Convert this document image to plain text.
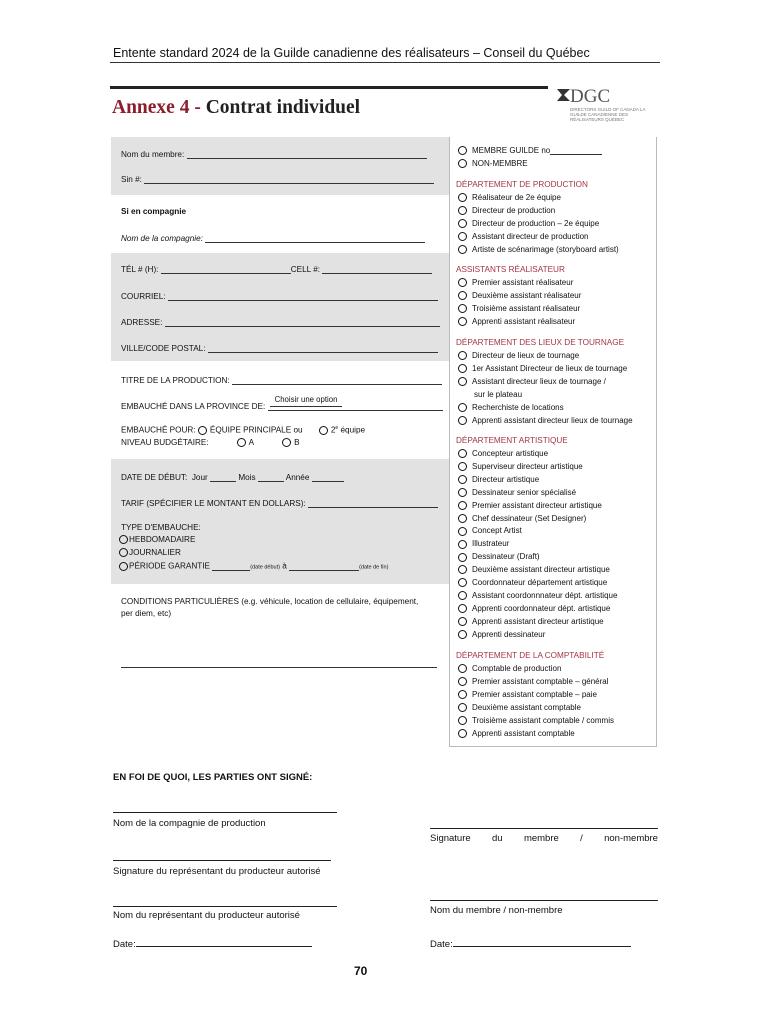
Entente standard 2024 de la Guilde canadienne des réalisateurs – Conseil du Québec
Annexe 4 - Contrat individuel
DGC
DIRECTORS GUILD OF CANADA LA GUILDE CANADIENNE DES RÉALISATEURS QUÉBEC
Nom du membre:
Sin #:
Si en compagnie
Nom de la compagnie:
TÉL # (H):	CELL #:
COURRIEL:
ADRESSE:
VILLE/CODE POSTAL:
TITRE DE LA PRODUCTION:
EMBAUCHÉ DANS LA PROVINCE DE:
Choisir une option
EMBAUCHÉ POUR: ÉQUIPE PRINCIPALE ou	2e équipe
NIVEAU BUDGÉTAIRE:	A	B
DATE DE DÉBUT: Jour	Mois	Année
TARIF (SPÉCIFIER LE MONTANT EN DOLLARS):
TYPE D'EMBAUCHE:
HEBDOMADAIRE
JOURNALIER
PÉRIODE GARANTIE	(date début) à	(date de fin)
CONDITIONS PARTICULIÈRES (e.g. véhicule, location de cellulaire, équipement,
per diem, etc)
MEMBRE GUILDE no
NON-MEMBRE
DÉPARTEMENT DE PRODUCTION
Réalisateur de 2e équipe
Directeur de production
Directeur de production – 2e équipe
Assistant directeur de production
Artiste de scénarimage (storyboard artist)
ASSISTANTS RÉALISATEUR
Premier assistant réalisateur
Deuxième assistant réalisateur
Troisième assistant réalisateur
Apprenti assistant réalisateur
DÉPARTEMENT DES LIEUX DE TOURNAGE
Directeur de lieux de tournage
1er Assistant Directeur de lieux de tournage
Assistant directeur lieux de tournage /
sur le plateau
Recherchiste de locations
Apprenti assistant directeur lieux de tournage
DÉPARTEMENT ARTISTIQUE
Concepteur artistique
Superviseur directeur artistique
Directeur artistique
Dessinateur senior spécialisé
Premier assistant directeur artistique
Chef dessinateur (Set Designer)
Concept Artist
Illustrateur
Dessinateur (Draft)
Deuxième assistant directeur artistique
Coordonnateur département artistique
Assistant coordonnnateur dépt. artistique
Apprenti coordonnateur dépt. artistique
Apprenti assistant directeur artistique
Apprenti dessinateur
DÉPARTEMENT DE LA COMPTABILITÉ
Comptable de production
Premier assistant comptable – général
Premier assistant comptable – paie
Deuxième assistant comptable
Troisième assistant comptable / commis
Apprenti assistant comptable
EN FOI DE QUOI, LES PARTIES ONT SIGNÉ:
Nom de la compagnie de production
Signature du membre / non-membre
Signature du représentant du producteur autorisé
Nom du membre / non-membre
Nom du représentant du producteur autorisé
Date:	Date:
70
